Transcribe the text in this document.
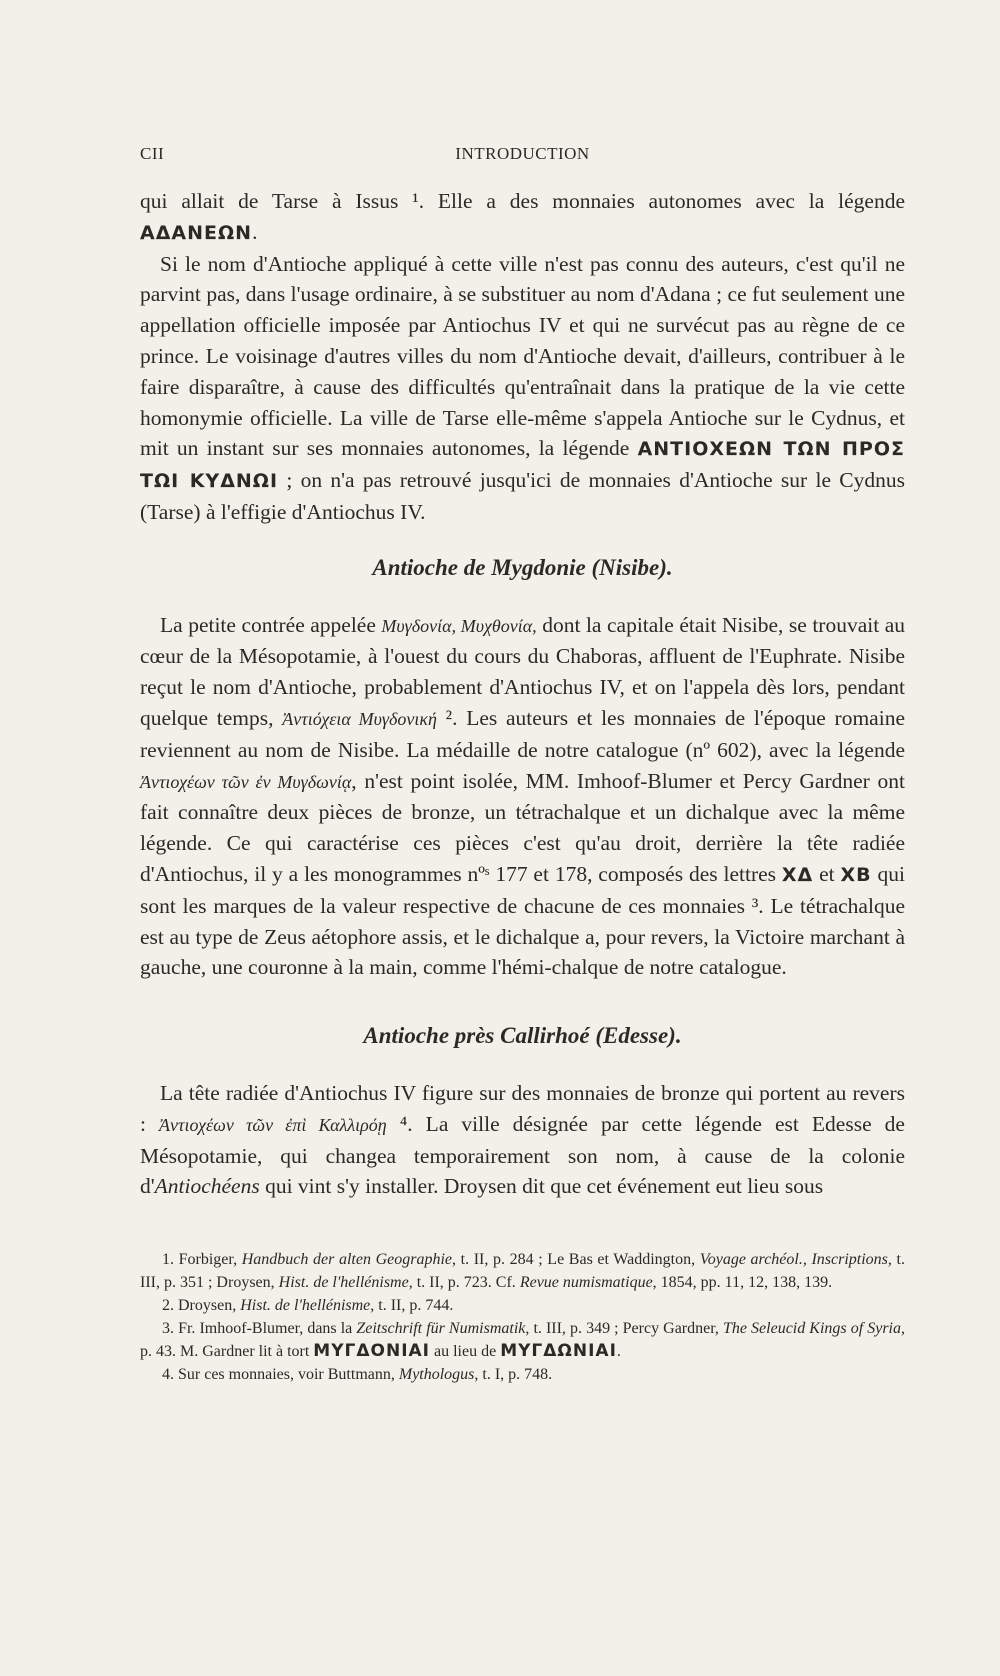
CII	INTRODUCTION

qui allait de Tarse à Issus ¹. Elle a des monnaies autonomes avec la légende ΑΔΑΝΕΩΝ.

Si le nom d'Antioche appliqué à cette ville n'est pas connu des auteurs, c'est qu'il ne parvint pas, dans l'usage ordinaire, à se substituer au nom d'Adana ; ce fut seulement une appellation officielle imposée par Antiochus IV et qui ne survécut pas au règne de ce prince. Le voisinage d'autres villes du nom d'Antioche devait, d'ailleurs, contribuer à le faire disparaître, à cause des difficultés qu'entraînait dans la pratique de la vie cette homonymie officielle. La ville de Tarse elle-même s'appela Antioche sur le Cydnus, et mit un instant sur ses monnaies autonomes, la légende ΑΝΤΙΟΧΕΩΝ ΤΩΝ ΠΡΟΣ ΤΩΙ ΚΥΔΝΩΙ ; on n'a pas retrouvé jusqu'ici de monnaies d'Antioche sur le Cydnus (Tarse) à l'effigie d'Antiochus IV.

Antioche de Mygdonie (Nisibe).

La petite contrée appelée Μυγδονία, Μυχθονία, dont la capitale était Nisibe, se trouvait au cœur de la Mésopotamie, à l'ouest du cours du Chaboras, affluent de l'Euphrate. Nisibe reçut le nom d'Antioche, probablement d'Antiochus IV, et on l'appela dès lors, pendant quelque temps, Ἀντιόχεια Μυγδονική ². Les auteurs et les monnaies de l'époque romaine reviennent au nom de Nisibe. La médaille de notre catalogue (nº 602), avec la légende Ἀντιοχέων τῶν ἐν Μυγδωνίᾳ, n'est point isolée, MM. Imhoof-Blumer et Percy Gardner ont fait connaître deux pièces de bronze, un tétrachalque et un dichalque avec la même légende. Ce qui caractérise ces pièces c'est qu'au droit, derrière la tête radiée d'Antiochus, il y a les monogrammes nºˢ 177 et 178, composés des lettres ΧΔ et ΧΒ qui sont les marques de la valeur respective de chacune de ces monnaies ³. Le tétrachalque est au type de Zeus aétophore assis, et le dichalque a, pour revers, la Victoire marchant à gauche, une couronne à la main, comme l'hémi-chalque de notre catalogue.

Antioche près Callirhoé (Edesse).

La tête radiée d'Antiochus IV figure sur des monnaies de bronze qui portent au revers : Ἀντιοχέων τῶν ἐπὶ Καλλιρόῃ ⁴. La ville désignée par cette légende est Edesse de Mésopotamie, qui changea temporairement son nom, à cause de la colonie d'Antiochéens qui vint s'y installer. Droysen dit que cet événement eut lieu sous

1. Forbiger, Handbuch der alten Geographie, t. II, p. 284 ; Le Bas et Waddington, Voyage archéol., Inscriptions, t. III, p. 351 ; Droysen, Hist. de l'hellénisme, t. II, p. 723. Cf. Revue numismatique, 1854, pp. 11, 12, 138, 139.

2. Droysen, Hist. de l'hellénisme, t. II, p. 744.

3. Fr. Imhoof-Blumer, dans la Zeitschrift für Numismatik, t. III, p. 349 ; Percy Gardner, The Seleucid Kings of Syria, p. 43. M. Gardner lit à tort ΜΥΓΔΟΝΙΑΙ au lieu de ΜΥΓΔΩΝΙΑΙ.

4. Sur ces monnaies, voir Buttmann, Mythologus, t. I, p. 748.
